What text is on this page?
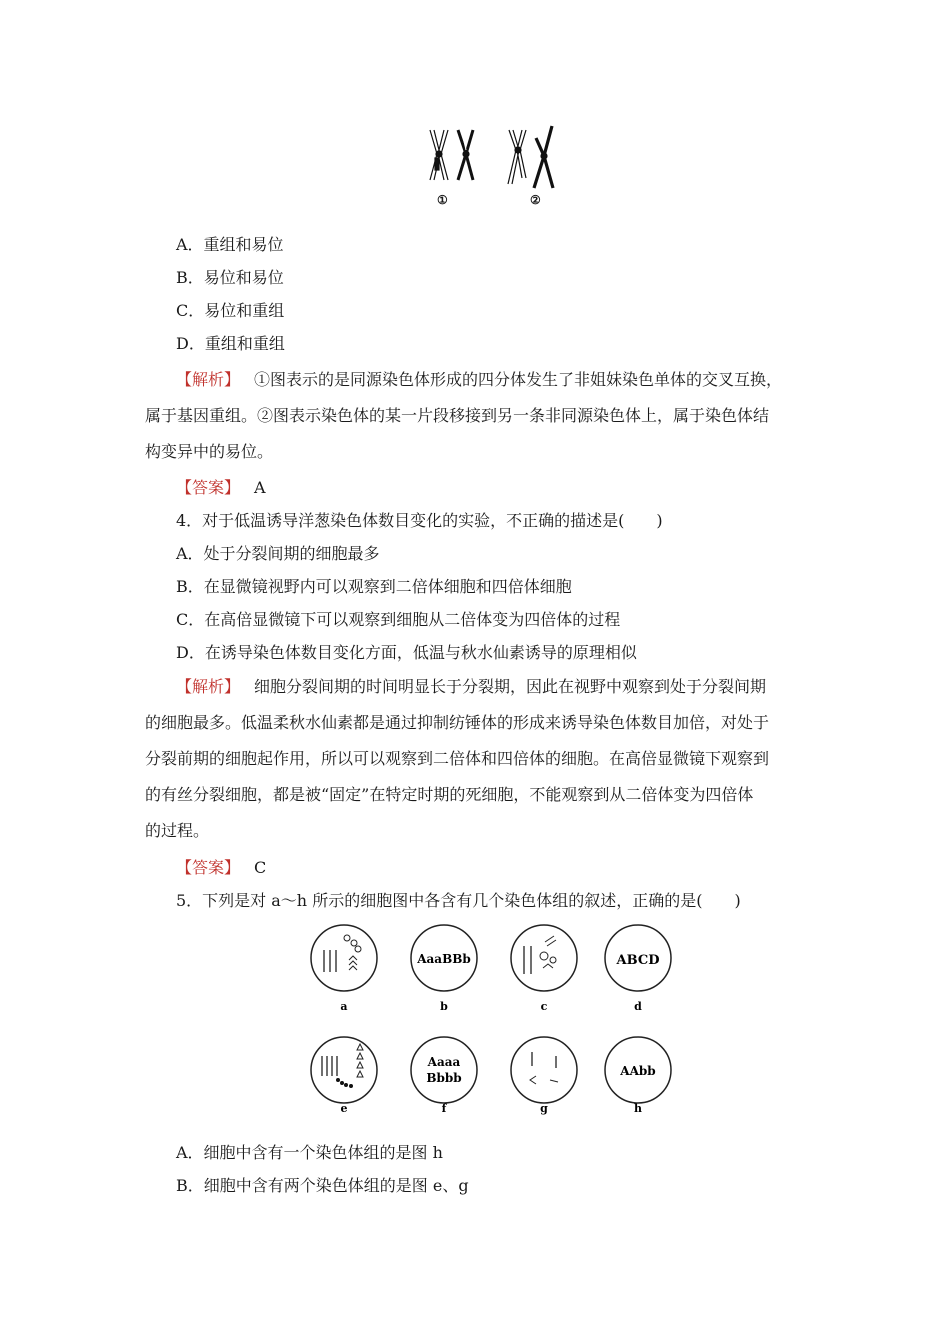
①	②
A．重组和易位
B．易位和易位
C．易位和重组
D．重组和重组
【解析】 ①图表示的是同源染色体形成的四分体发生了非姐妹染色单体的交叉互换，
属于基因重组。②图表示染色体的某一片段移接到另一条非同源染色体上，属于染色体结
构变异中的易位。
【答案】 A
4．对于低温诱导洋葱染色体数目变化的实验，不正确的描述是(　　)
A．处于分裂间期的细胞最多
B．在显微镜视野内可以观察到二倍体细胞和四倍体细胞
C．在高倍显微镜下可以观察到细胞从二倍体变为四倍体的过程
D．在诱导染色体数目变化方面，低温与秋水仙素诱导的原理相似
【解析】 细胞分裂间期的时间明显长于分裂期，因此在视野中观察到处于分裂间期
的细胞最多。低温柔秋水仙素都是通过抑制纺锤体的形成来诱导染色体数目加倍，对处于
分裂前期的细胞起作用，所以可以观察到二倍体和四倍体的细胞。在高倍显微镜下观察到
的有丝分裂细胞，都是被“固定”在特定时期的死细胞，不能观察到从二倍体变为四倍体
的过程。
【答案】 C
5．下列是对 a～h 所示的细胞图中各含有几个染色体组的叙述，正确的是(　　)
a
AaaBBb
b	c
ABCD
d
e
Aaaa
Bbbb
f	g
AAbb
h
A．细胞中含有一个染色体组的是图 h
B．细胞中含有两个染色体组的是图 e、g
